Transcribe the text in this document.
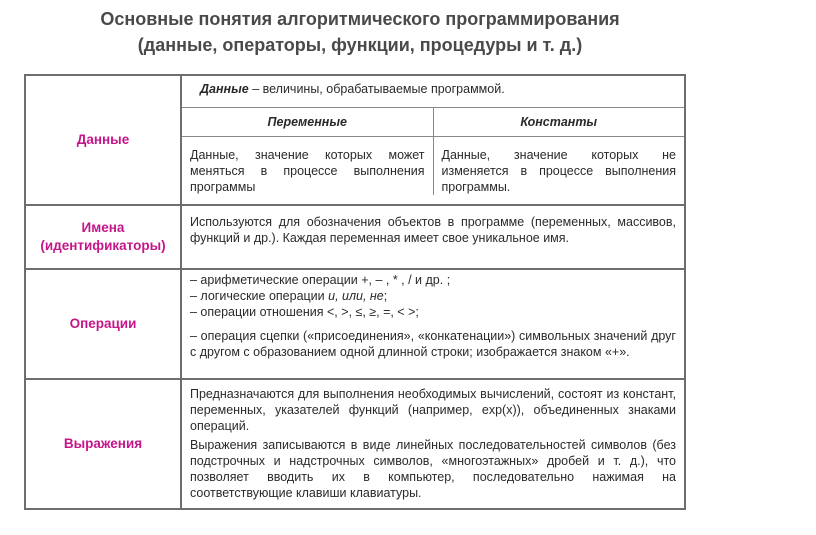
Основные понятия алгоритмического программирования
(данные, операторы, функции, процедуры и т. д.)
Данные
Данные – величины, обрабатываемые программой.
Переменные
Данные, значение которых может меняться в процессе выполнения программы
Константы
Данные, значение которых не изменяется в процессе выполнения программы.
Имена
(идентификаторы)
Используются для обозначения объектов в программе (переменных, массивов, функций и др.). Каждая переменная имеет свое уникальное имя.
Операции

– арифметические операции +, – , * , / и др. ;

– логические операции и, или, не;

– операции отношения <, >, ≤, ≥, =, < >;

– операция сцепки («присоединения», «конкатенации») символьных значений друг с другом с образованием одной длинной строки; изображается знаком «+».

Выражения

Предназначаются для выполнения необходимых вычислений, состоят из констант, переменных, указателей функций (например, exp(x)), объединенных знаками операций.

Выражения записываются в виде линейных последовательностей символов (без подстрочных и надстрочных символов, «многоэтажных» дробей и т. д.), что позволяет вводить их в компьютер, последовательно нажимая на соответствующие клавиши клавиатуры.
